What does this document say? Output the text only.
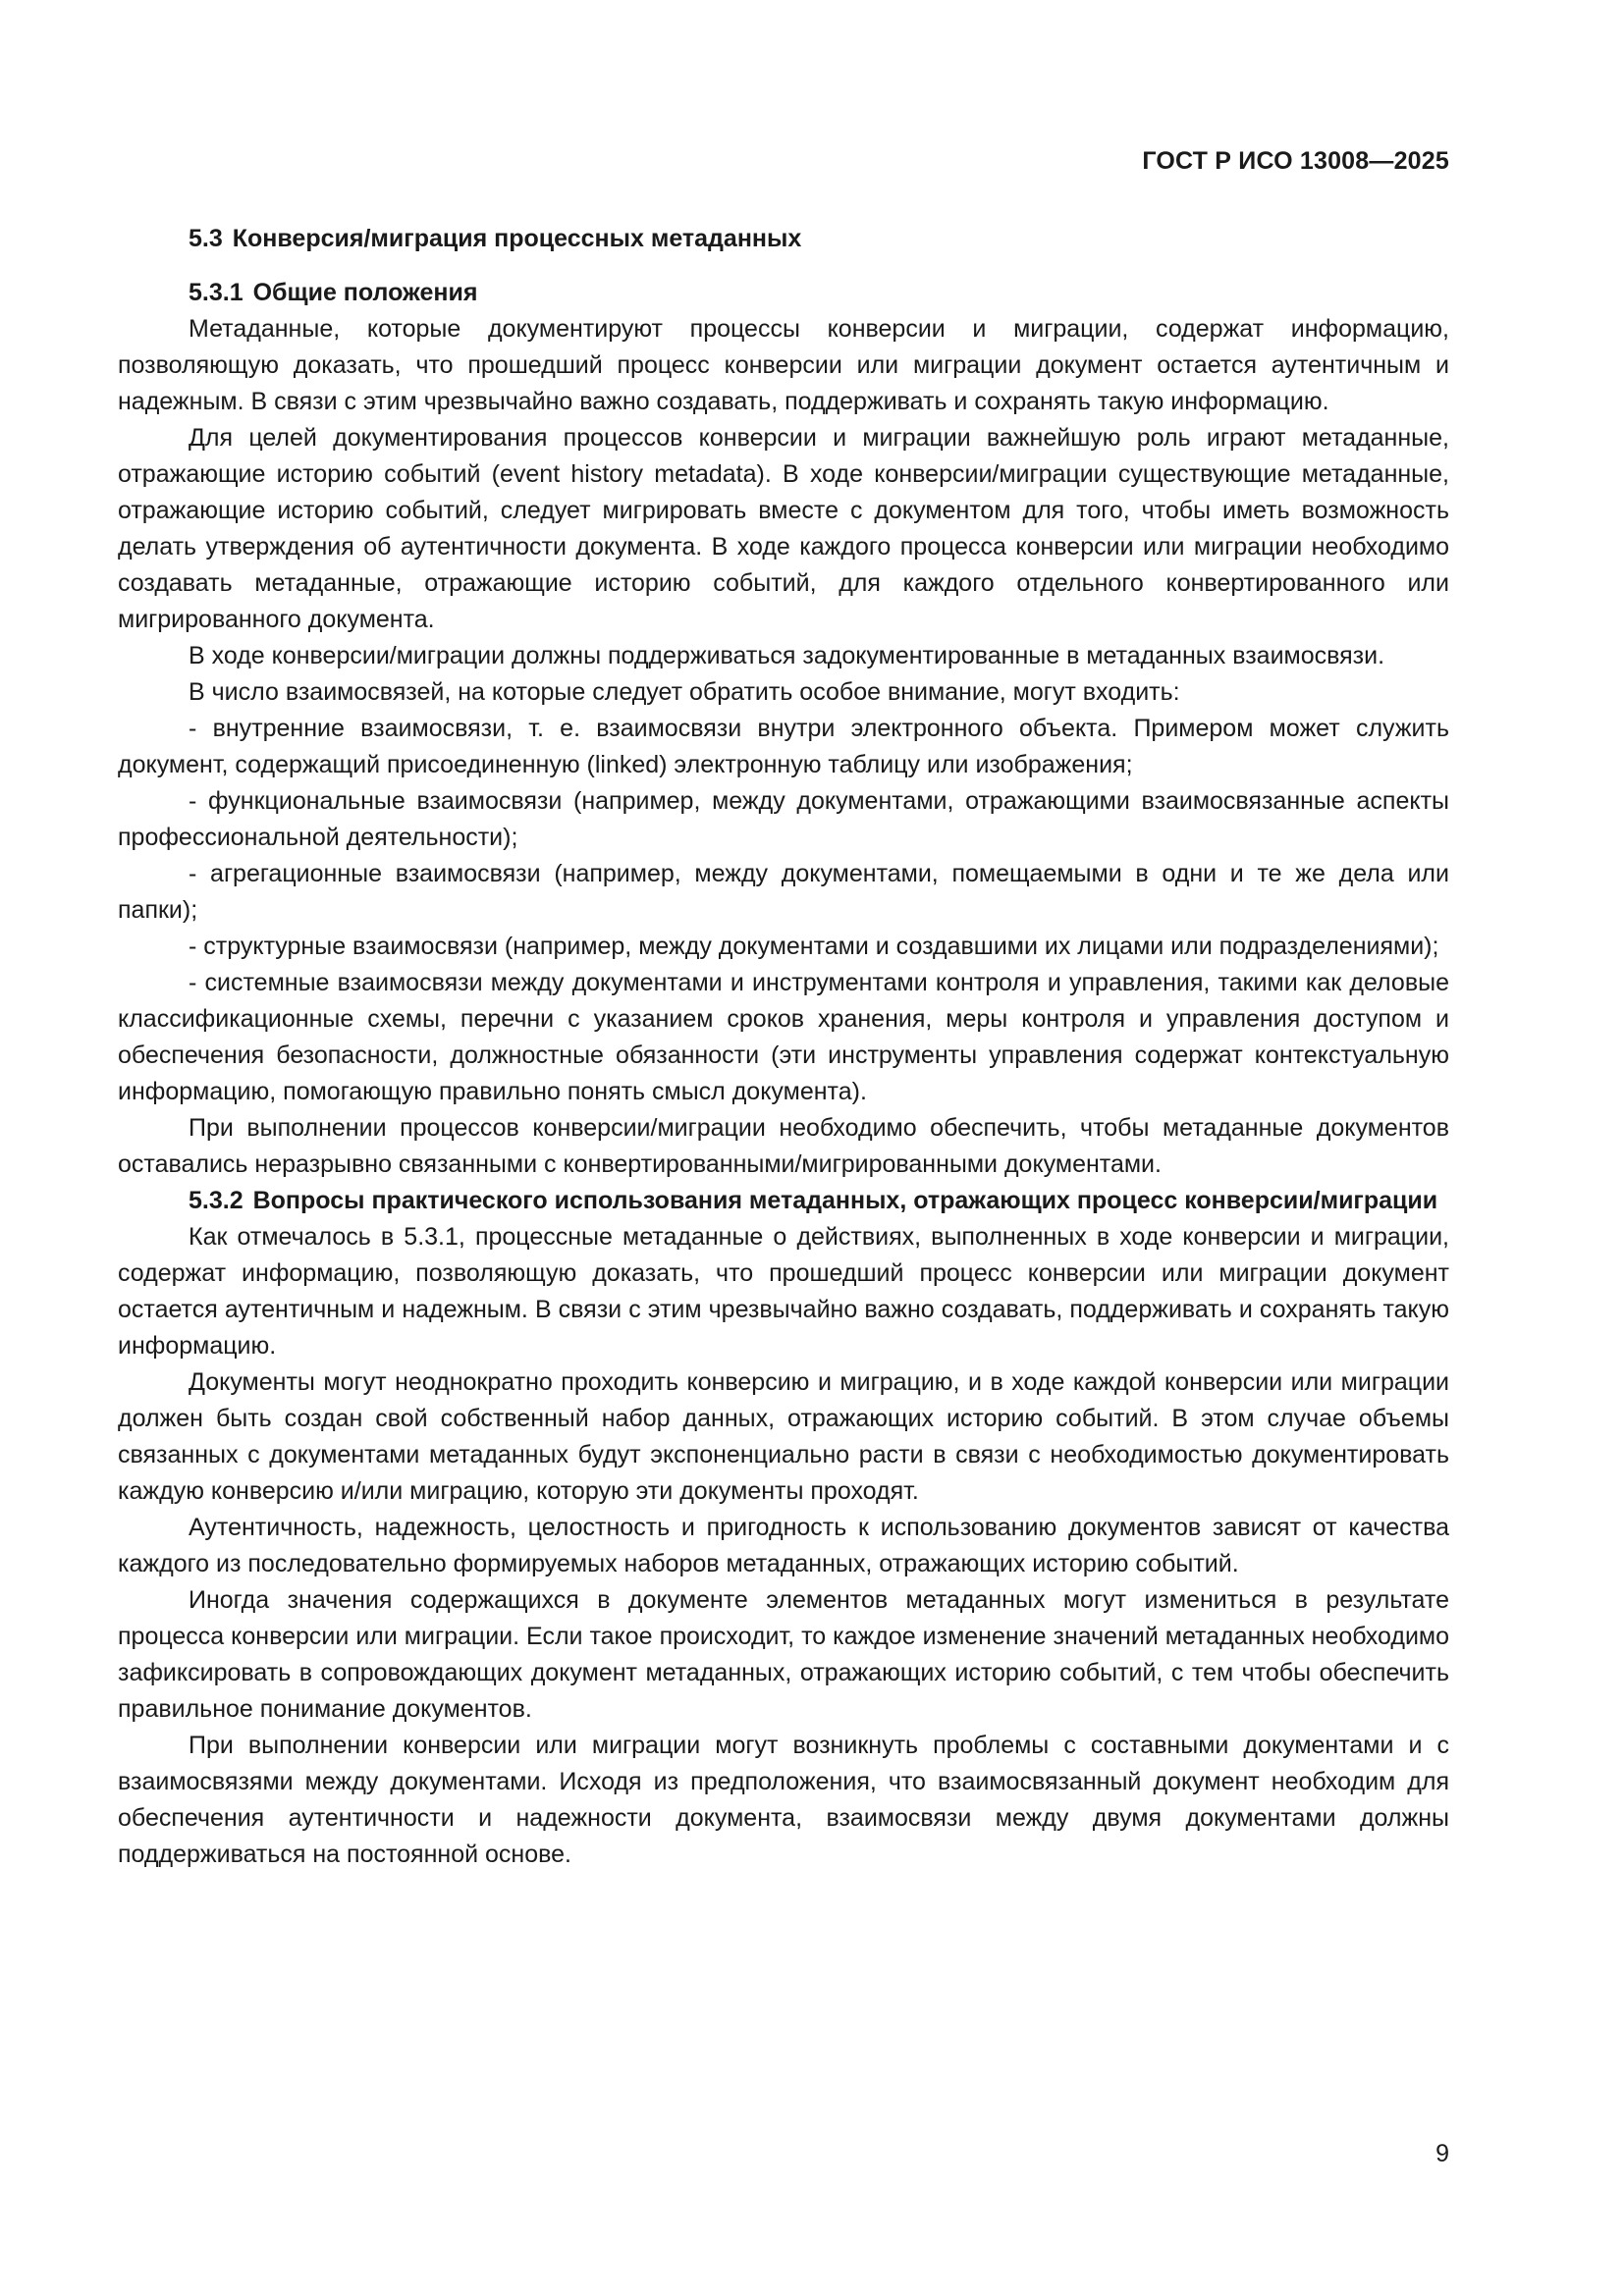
ГОСТ Р ИСО 13008—2025
5.3 Конверсия/миграция процессных метаданных
5.3.1 Общие положения

Метаданные, которые документируют процессы конверсии и миграции, содержат информацию, позволяющую доказать, что прошедший процесс конверсии или миграции документ остается аутентичным и надежным. В связи с этим чрезвычайно важно создавать, поддерживать и сохранять такую информацию.

Для целей документирования процессов конверсии и миграции важнейшую роль играют метаданные, отражающие историю событий (event history metadata). В ходе конверсии/миграции существующие метаданные, отражающие историю событий, следует мигрировать вместе с документом для того, чтобы иметь возможность делать утверждения об аутентичности документа. В ходе каждого процесса конверсии или миграции необходимо создавать метаданные, отражающие историю событий, для каждого отдельного конвертированного или мигрированного документа.

В ходе конверсии/миграции должны поддерживаться задокументированные в метаданных взаимосвязи.

В число взаимосвязей, на которые следует обратить особое внимание, могут входить:

- внутренние взаимосвязи, т. е. взаимосвязи внутри электронного объекта. Примером может служить документ, содержащий присоединенную (linked) электронную таблицу или изображения;

- функциональные взаимосвязи (например, между документами, отражающими взаимосвязанные аспекты профессиональной деятельности);

- агрегационные взаимосвязи (например, между документами, помещаемыми в одни и те же дела или папки);

- структурные взаимосвязи (например, между документами и создавшими их лицами или подразделениями);

- системные взаимосвязи между документами и инструментами контроля и управления, такими как деловые классификационные схемы, перечни с указанием сроков хранения, меры контроля и управления доступом и обеспечения безопасности, должностные обязанности (эти инструменты управления содержат контекстуальную информацию, помогающую правильно понять смысл документа).

При выполнении процессов конверсии/миграции необходимо обеспечить, чтобы метаданные документов оставались неразрывно связанными с конвертированными/мигрированными документами.

5.3.2 Вопросы практического использования метаданных, отражающих процесс конверсии/миграции

Как отмечалось в 5.3.1, процессные метаданные о действиях, выполненных в ходе конверсии и миграции, содержат информацию, позволяющую доказать, что прошедший процесс конверсии или миграции документ остается аутентичным и надежным. В связи с этим чрезвычайно важно создавать, поддерживать и сохранять такую информацию.

Документы могут неоднократно проходить конверсию и миграцию, и в ходе каждой конверсии или миграции должен быть создан свой собственный набор данных, отражающих историю событий. В этом случае объемы связанных с документами метаданных будут экспоненциально расти в связи с необходимостью документировать каждую конверсию и/или миграцию, которую эти документы проходят.

Аутентичность, надежность, целостность и пригодность к использованию документов зависят от качества каждого из последовательно формируемых наборов метаданных, отражающих историю событий.

Иногда значения содержащихся в документе элементов метаданных могут измениться в результате процесса конверсии или миграции. Если такое происходит, то каждое изменение значений метаданных необходимо зафиксировать в сопровождающих документ метаданных, отражающих историю событий, с тем чтобы обеспечить правильное понимание документов.

При выполнении конверсии или миграции могут возникнуть проблемы с составными документами и с взаимосвязями между документами. Исходя из предположения, что взаимосвязанный документ необходим для обеспечения аутентичности и надежности документа, взаимосвязи между двумя документами должны поддерживаться на постоянной основе.

9
